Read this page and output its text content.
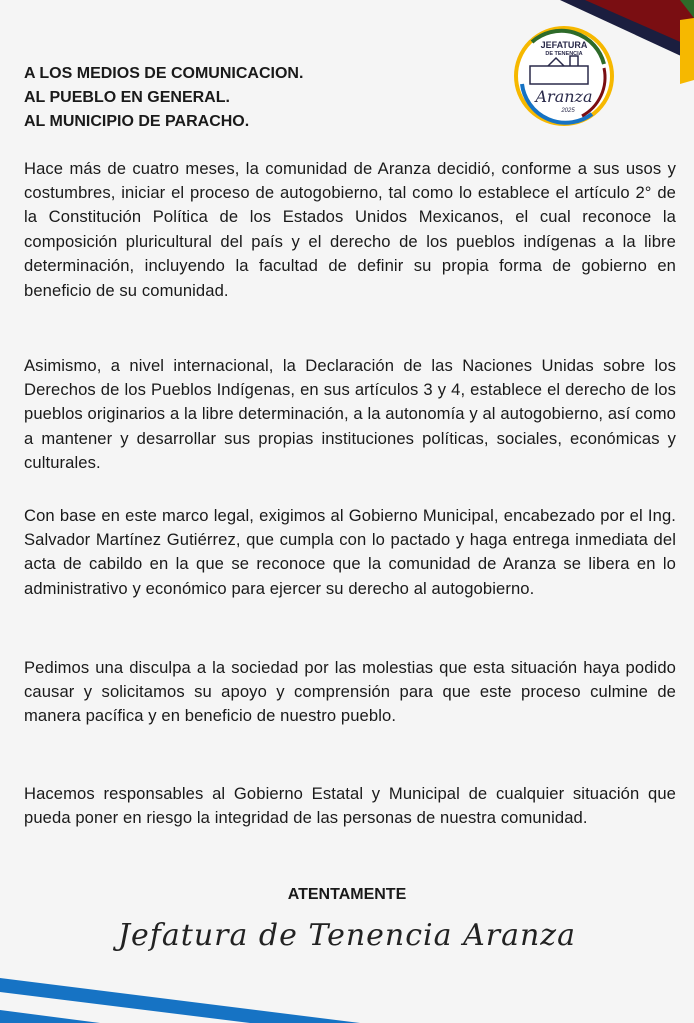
JEFATURA
DE TENENCIA
Aranza
2025
A LOS MEDIOS DE COMUNICACION.
AL PUEBLO EN GENERAL.
AL MUNICIPIO DE PARACHO.

Hace más de cuatro meses, la comunidad de Aranza decidió, conforme a sus usos y costumbres, iniciar el proceso de autogobierno, tal como lo establece el artículo 2° de la Constitución Política de los Estados Unidos Mexicanos, el cual reconoce la composición pluricultural del país y el derecho de los pueblos indígenas a la libre determinación, incluyendo la facultad de definir su propia forma de gobierno en beneficio de su comunidad.

Asimismo, a nivel internacional, la Declaración de las Naciones Unidas sobre los Derechos de los Pueblos Indígenas, en sus artículos 3 y 4, establece el derecho de los pueblos originarios a la libre determinación, a la autonomía y al autogobierno, así como a mantener y desarrollar sus propias instituciones políticas, sociales, económicas y culturales.

Con base en este marco legal, exigimos al Gobierno Municipal, encabezado por el Ing. Salvador Martínez Gutiérrez, que cumpla con lo pactado y haga entrega inmediata del acta de cabildo en la que se reconoce que la comunidad de Aranza se libera en lo administrativo y económico para ejercer su derecho al autogobierno.

Pedimos una disculpa a la sociedad por las molestias que esta situación haya podido causar y solicitamos su apoyo y comprensión para que este proceso culmine de manera pacífica y en beneficio de nuestro pueblo.

Hacemos responsables al Gobierno Estatal y Municipal de cualquier situación que pueda poner en riesgo la integridad de las personas de nuestra comunidad.

ATENTAMENTE
Jefatura de Tenencia Aranza
